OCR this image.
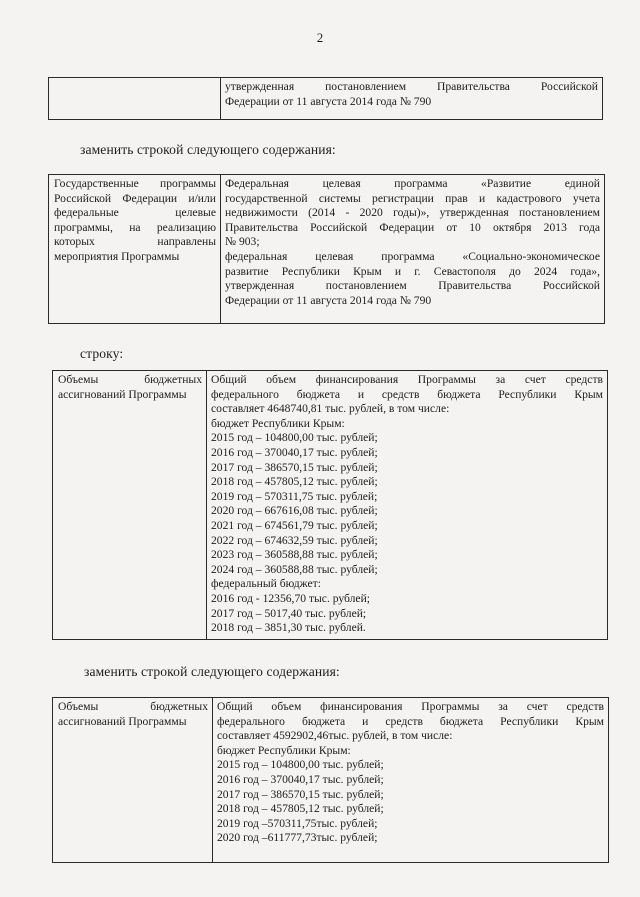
2
утвержденная постановлением Правительства Российской
Федерации от 11 августа 2014 года № 790
заменить строкой следующего содержания:
Государственные программы
Российской Федерации и/или
федеральные целевые
программы, на реализацию
которых направлены
мероприятия Программы
Федеральная целевая программа «Развитие единой
государственной системы регистрации прав и кадастрового учета
недвижимости (2014 - 2020 годы)», утвержденная постановлением
Правительства Российской Федерации от 10 октября 2013 года
№ 903;
федеральная целевая программа «Социально-экономическое
развитие Республики Крым и г. Севастополя до 2024 года»,
утвержденная постановлением Правительства Российской
Федерации от 11 августа 2014 года № 790
строку:
Объемы бюджетных
ассигнований Программы
Общий объем финансирования Программы за счет средств
федерального бюджета и средств бюджета Республики Крым
составляет 4648740,81 тыс. рублей, в том числе:
бюджет Республики Крым:
2015 год – 104800,00 тыс. рублей;
2016 год – 370040,17 тыс. рублей;
2017 год – 386570,15 тыс. рублей;
2018 год – 457805,12 тыс. рублей;
2019 год – 570311,75 тыс. рублей;
2020 год – 667616,08 тыс. рублей;
2021 год – 674561,79 тыс. рублей;
2022 год – 674632,59 тыс. рублей;
2023 год – 360588,88 тыс. рублей;
2024 год – 360588,88 тыс. рублей;
федеральный бюджет:
2016 год - 12356,70 тыс. рублей;
2017 год – 5017,40 тыс. рублей;
2018 год – 3851,30 тыс. рублей.
заменить строкой следующего содержания:
Объемы бюджетных
ассигнований Программы
Общий объем финансирования Программы за счет средств
федерального бюджета и средств бюджета Республики Крым
составляет 4592902,46тыс. рублей, в том числе:
бюджет Республики Крым:
2015 год – 104800,00 тыс. рублей;
2016 год – 370040,17 тыс. рублей;
2017 год – 386570,15 тыс. рублей;
2018 год – 457805,12 тыс. рублей;
2019 год –570311,75тыс. рублей;
2020 год –611777,73тыс. рублей;
